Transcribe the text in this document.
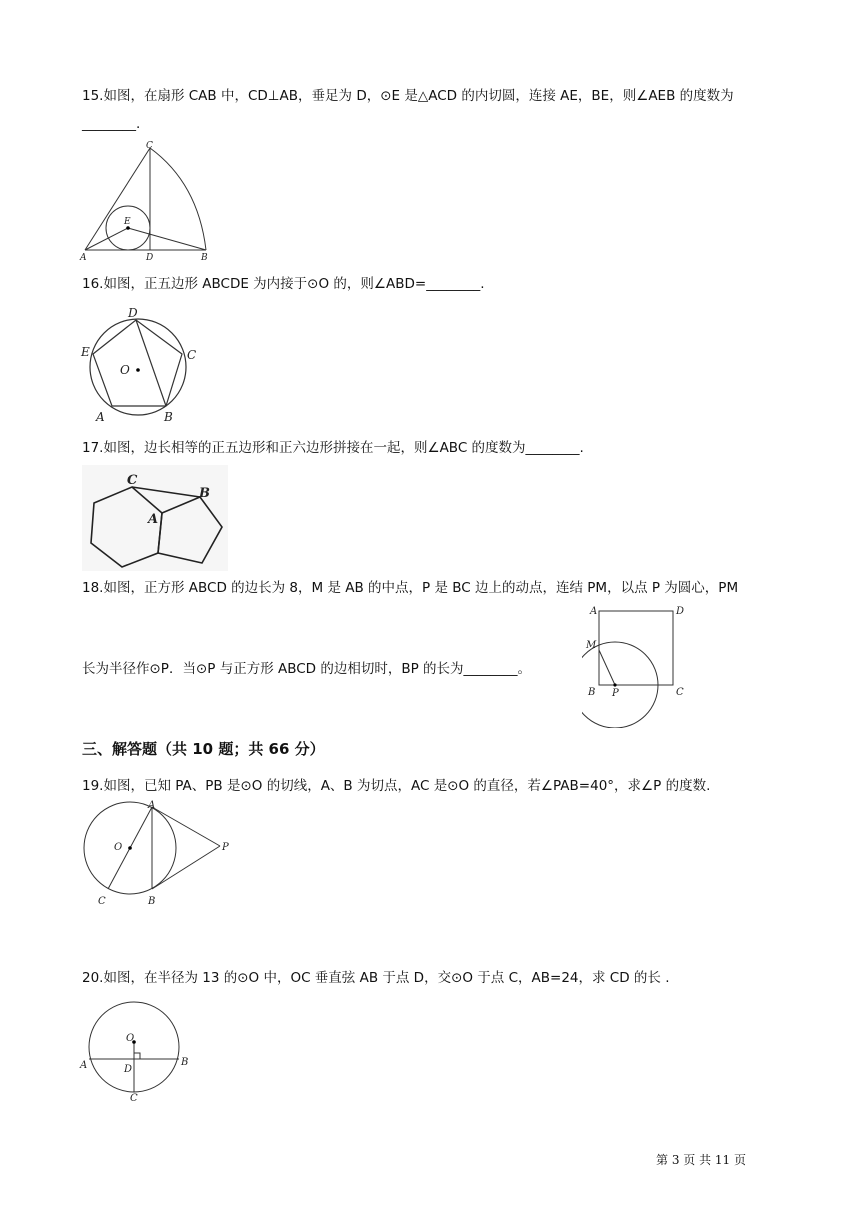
15.如图，在扇形 CAB 中，CD⊥AB，垂足为 D，⊙E 是△ACD 的内切圆，连接 AE，BE，则∠AEB 的度数为
________.
C
E
A	D	B
16.如图，正五边形 ABCDE 为内接于⊙O 的，则∠ABD=________.
D
E	C
O
A	B
17.如图，边长相等的正五边形和正六边形拼接在一起，则∠ABC 的度数为________.
C
B
A
18.如图，正方形 ABCD 的边长为 8，M 是 AB 的中点，P 是 BC 边上的动点，连结 PM，以点 P 为圆心，PM
长为半径作⊙P．当⊙P 与正方形 ABCD 的边相切时，BP 的长为________。
A	D
M
B P	C
三、解答题（共 10 题；共 66 分）
19.如图，已知 PA、PB 是⊙O 的切线，A、B 为切点，AC 是⊙O 的直径，若∠PAB=40°，求∠P 的度数.
A
O	P
C	B
20.如图，在半径为 13 的⊙O 中，OC 垂直弦 AB 于点 D，交⊙O 于点 C，AB=24，求 CD 的长 .
O
A	B
D
C
第 3 页 共 11 页
